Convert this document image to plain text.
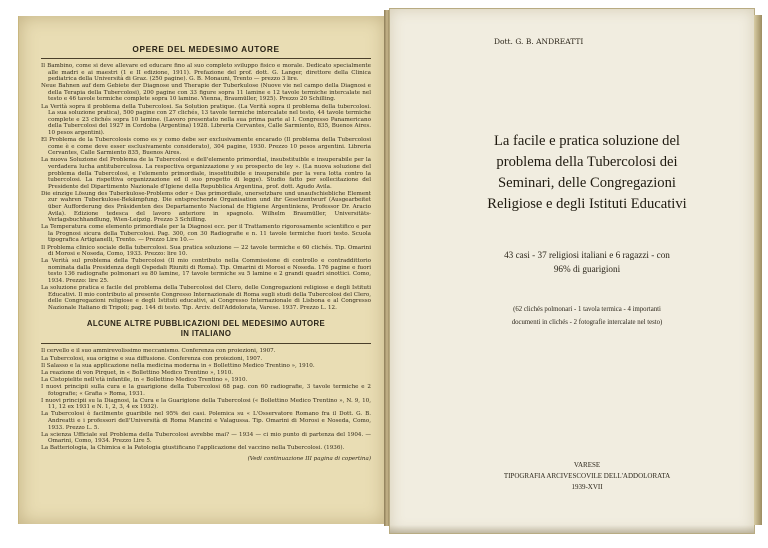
OPERE DEL MEDESIMO AUTORE
Il Bambino, come si deve allevare ed educare fino al suo completo sviluppo fisico e morale. Dedicato specialmente alle madri e ai maestri (1 e II edizione, 1911). Prefazione del prof. dott. G. Langer, direttore della Clinica pediatrica della Università di Graz. (250 pagine). G. B. Monauni, Trento — prezzo 3 lire.
Neue Bahnen auf dem Gebiete der Diagnose und Therapie der Tuberkulose (Nuove vie nel campo della Diagnosi e della Terapia della Tubercolosi), 200 pagine con 33 figure sopra 11 lamine e 12 tavole termiche intercalate nel testo e 46 tavole termiche complete sopra 10 lamine. Vienna, Braumüller, 1925). Prezzo 20 Schilling.
La Verità sopra il problema della Tubercolosi. Sa Solution pratique. (La Verità sopra il problema della tubercolosi. La sua soluzione pratica), 500 pagine con 27 clichés, 13 tavole termiche intercalate nel testo, 44 tavole termiche complete e 23 clichés sopra 10 lamine. (Lavoro presentato nella sua prima parte al I. Congresso Panamericano della Tubercolosi del 1927 in Cordoba (Argentina) 1928. Libreria Cervantes, Calle Sarmiento, 835, Buenos Aires. 10 pesos argentini).
El Problema de la Tubercolosis como es y como debe ser exclusivamente encarado (Il problema della Tubercolosi come è e come deve esser esclusivamente considerato), 304 pagine, 1930. Prezzo 10 pesos argentini. Libreria Cervantes, Calle Sarmiento 835, Buenos Aires.
La nuova Soluzione del Problema de la Tubercolosi e dell'elemento primordial, insubstituible e insuperabile per la verdadera lucha antituberculosa. La respectiva organizzazione y su prospecto de ley ». (La nuova soluzione del problema della Tubercolosi, e l'elemento primordiale, insostituibile e insuperabile per la vera lotta contro la tubercolosi. La rispettiva organizzazione ed il suo progetto di legge). Studio fatto per sollecitazione del Presidente del Dipartimento Nazionale d'Igiene della Repubblica Argentina, prof. dott. Agudo Avila.
Die einzige Lösung des Tuberkulose-Problems oder « Das primordiale, unersetzbare und unaufschiebliche Element zur wahren Tuberkulose-Bekämpfung. Die entsprechende Organisation und ihr Gesetzentwurf (Ausgearbeitet über Aufforderung des Präsidenten des Departamento Nacional de Higiene Argentiniens, Professor Dr. Aracio Avila). Edizione tedesca del lavoro anteriore in spagnolo. Wilhelm Braumüller, Universitäts-Verlagsbuchhandlung, Wien-Leipzig. Prezzo 3 Schilling.
La Temperatura come elemento primordiale per la Diagnosi ecc. per il Trattamento rigorosamente scientifico e per la Prognosi sicura della Tubercolosi. Pag. 300, con 30 Radiografie e n. 11 tavole termiche fuori testo. Scuola tipografica Artigianelli, Trento. — Prezzo Lire 10.—
Il Problema clinico sociale della tubercolosi. Sua pratica soluzione — 22 tavole termiche e 60 clichés. Tip. Omarini di Morosi e Noseda, Como, 1933. Prezzo: lire 10.
La Verità sul problema della Tubercolosi (Il mio contributo nella Commissione di controllo e contraddittorio nominata dalla Presidenza degli Ospedali Riuniti di Roma). Tip. Omarini di Morosi e Noseda. 176 pagine e fuori testo 136 radiografie polmonari su 80 lamine, 17 tavole termiche su 5 lamine e 2 grandi quadri sinottici. Como, 1934. Prezzo: lire 25.
La soluzione pratica e facile del problema della Tubercolosi del Clero, delle Congregazioni religiose e degli Istituti Educativi. Il mio contributo al presente Congresso Internazionale di Roma sugli studi della Tubercolosi del Clero, delle Congregazioni religiose e degli Istituti educativi, al Congresso Internazionale di Lisbona e al Congresso Nazionale Italiano di Tripoli; pag. 144 di testo. Tip. Arciv. dell'Addolorata, Varese. 1937. Prezzo L. 12.
ALCUNE ALTRE PUBBLICAZIONI DEL MEDESIMO AUTORE
IN ITALIANO
Il cervello e il suo ammirevolissimo meccanismo. Conferenza con proiezioni, 1907.
La Tubercolosi, sua origine e sua diffusione. Conferenza con proiezioni, 1907.
Il Salasso e la sua applicazione nella medicina moderna in « Bollettino Medico Trentino », 1910.
La reazione di von Pirquet, in « Bollettino Medico Trentino », 1910.
La Cistopielite nell'età infantile, in « Bollettino Medico Trentino », 1910.
I nuovi principii sulla cura e la guarigione della Tubercolosi 68 pag. con 60 radiografie, 3 tavole termiche e 2 fotografie; « Grafia » Roma, 1931.
I nuovi principii su la Diagnosi, la Cura e la Guarigione della Tubercolosi (« Bollettino Medico Trentino », N. 9, 10, 11, 12 ex 1931 e N. 1, 2, 3, 4 ex 1932).
La Tubercolosi è facilmente guaribile nel 95% dei casi. Polemica su « L'Osservatore Romano fra il Dott. G. B. Andreatti e i professori dell'Università di Roma Mancini e Valagussa. Tip. Omarini di Morosi e Noseda, Como, 1933. Prezzo L. 5.
La scienza Ufficiale sul Problema della Tubercolosi avrebbe mai? — 1934 — ci mio punto di partenza del 1904. — Omarini, Como, 1934. Prezzo Lire 5.
La Batteriologia, la Chimica e la Patologia giustificano l'applicazione del vaccino nella Tubercolosi. (1936).
(Vedi continuazione III pagina di copertina)
Dott. G. B. ANDREATTI
La facile e pratica soluzione del
problema della Tubercolosi dei
Seminari, delle Congregazioni
Religiose e degli Istituti Educativi
43 casi - 37 religiosi italiani e 6 ragazzi - con
96% di guarigioni
(62 clichés polmonari - 1 tavola termica - 4 importanti
documenti in clichés - 2 fotografie intercalate nel testo)
VARESE
TIPOGRAFIA ARCIVESCOVILE DELL'ADDOLORATA
1939-XVII
